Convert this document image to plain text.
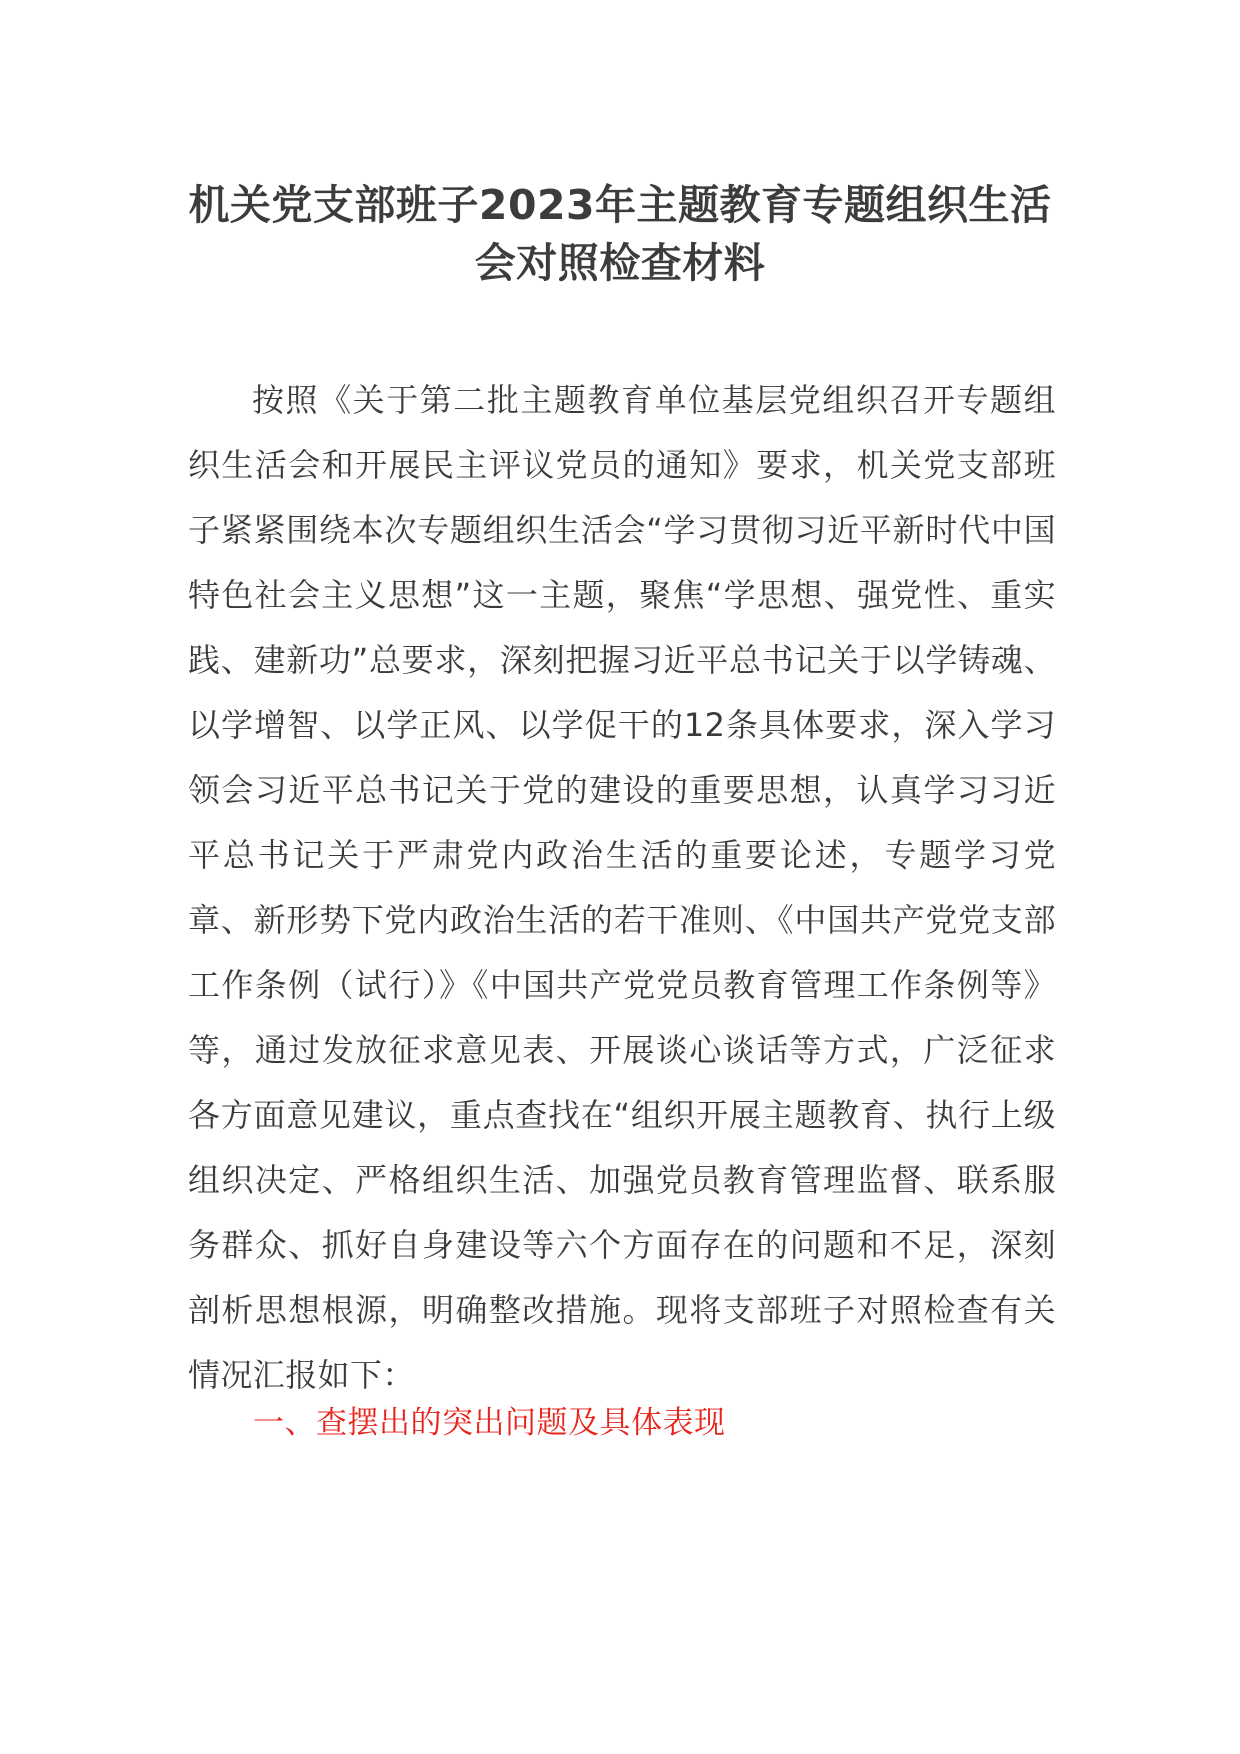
机关党支部班子2023年主题教育专题组织生活会对照检查材料

按照《关于第二批主题教育单位基层党组织召开专题组织生活会和开展民主评议党员的通知》要求，机关党支部班子紧紧围绕本次专题组织生活会“学习贯彻习近平新时代中国特色社会主义思想”这一主题，聚焦“学思想、强党性、重实践、建新功”总要求，深刻把握习近平总书记关于以学铸魂、以学增智、以学正风、以学促干的12条具体要求，深入学习领会习近平总书记关于党的建设的重要思想，认真学习习近平总书记关于严肃党内政治生活的重要论述，专题学习党章、新形势下党内政治生活的若干准则、《中国共产党党支部工作条例（试行）》《中国共产党党员教育管理工作条例等》等，通过发放征求意见表、开展谈心谈话等方式，广泛征求各方面意见建议，重点查找在“组织开展主题教育、执行上级组织决定、严格组织生活、加强党员教育管理监督、联系服务群众、抓好自身建设等六个方面存在的问题和不足，深刻剖析思想根源，明确整改措施。现将支部班子对照检查有关情况汇报如下：

一、查摆出的突出问题及具体表现
